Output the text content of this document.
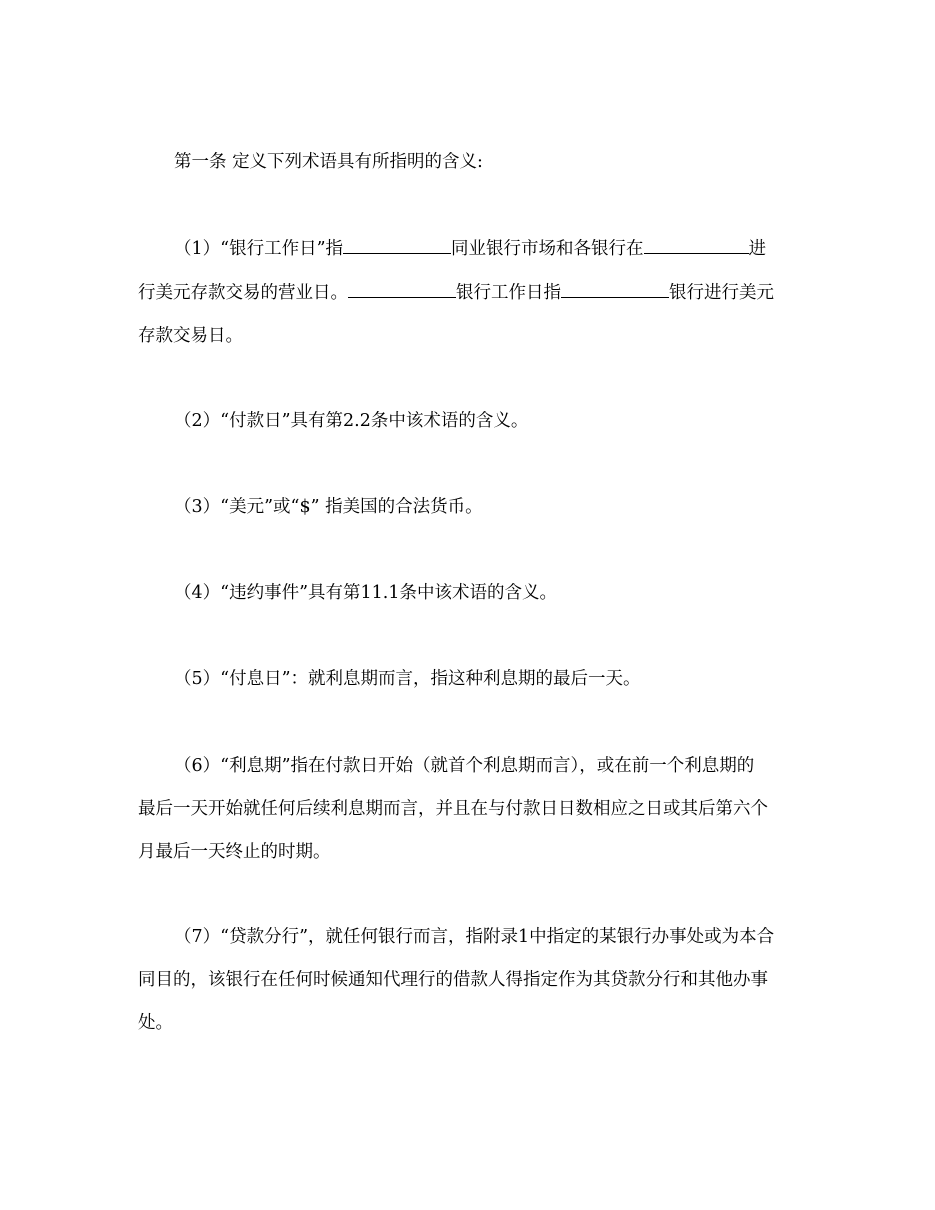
第一条 定义下列术语具有所指明的含义:
（1）“银行工作日”指	同业银行市场和各银行在	进
行美元存款交易的营业日。	银行工作日指	银行进行美元
存款交易日。
（2）“付款日”具有第2.2条中该术语的含义。
（3）“美元”或“$” 指美国的合法货币。
（4）“违约事件”具有第11.1条中该术语的含义。
（5）“付息日”：就利息期而言，指这种利息期的最后一天。
（6）“利息期”指在付款日开始（就首个利息期而言），或在前一个利息期的
最后一天开始就任何后续利息期而言，并且在与付款日日数相应之日或其后第六个
月最后一天终止的时期。
（7）“贷款分行”，就任何银行而言，指附录1中指定的某银行办事处或为本合
同目的，该银行在任何时候通知代理行的借款人得指定作为其贷款分行和其他办事
处。
